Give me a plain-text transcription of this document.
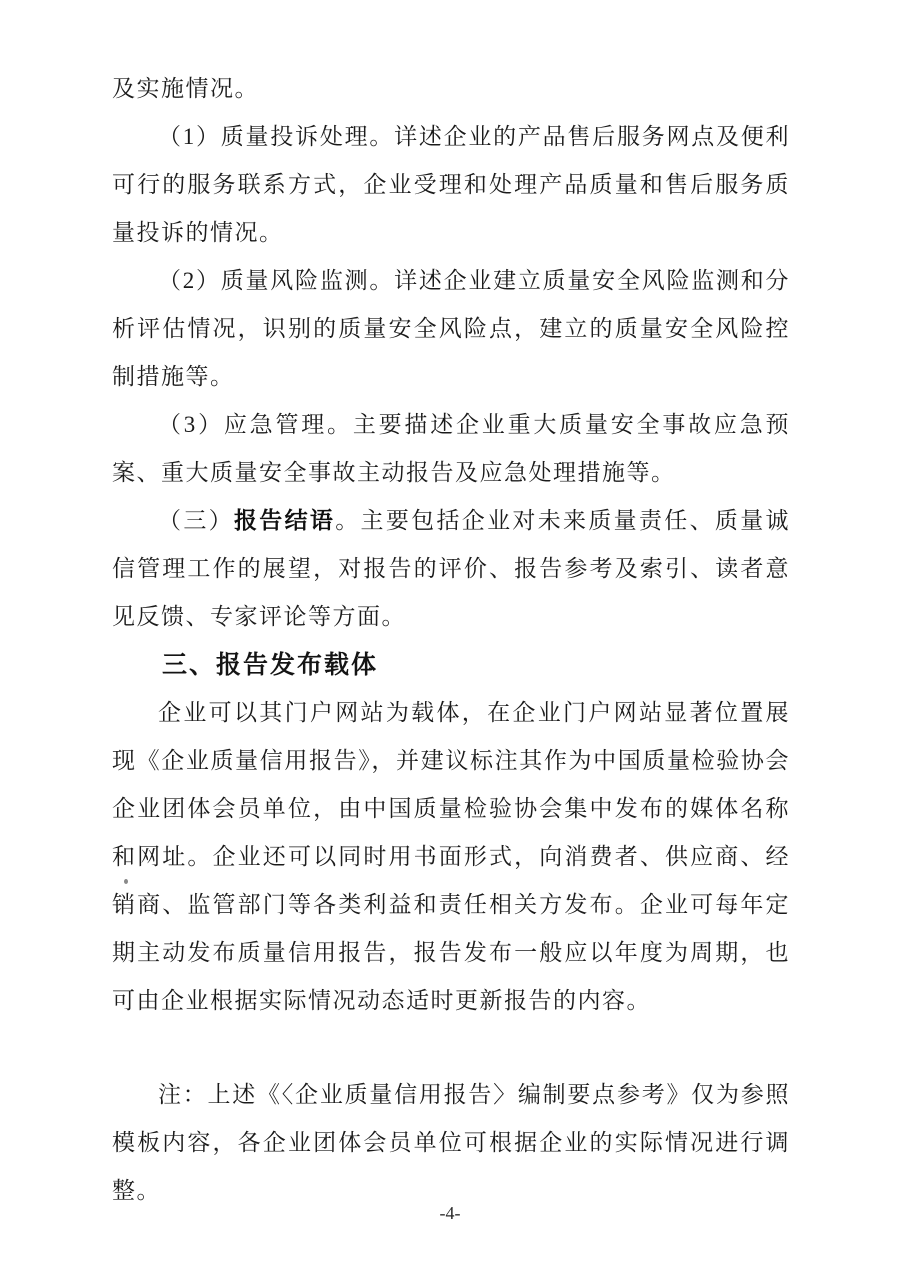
及实施情况。

（1）质量投诉处理。详述企业的产品售后服务网点及便利可行的服务联系方式，企业受理和处理产品质量和售后服务质量投诉的情况。

（2）质量风险监测。详述企业建立质量安全风险监测和分析评估情况，识别的质量安全风险点，建立的质量安全风险控制措施等。

（3）应急管理。主要描述企业重大质量安全事故应急预案、重大质量安全事故主动报告及应急处理措施等。

（三）报告结语。主要包括企业对未来质量责任、质量诚信管理工作的展望，对报告的评价、报告参考及索引、读者意见反馈、专家评论等方面。

三、报告发布载体

企业可以其门户网站为载体，在企业门户网站显著位置展现《企业质量信用报告》，并建议标注其作为中国质量检验协会企业团体会员单位，由中国质量检验协会集中发布的媒体名称和网址。企业还可以同时用书面形式，向消费者、供应商、经销商、监管部门等各类利益和责任相关方发布。企业可每年定期主动发布质量信用报告，报告发布一般应以年度为周期，也可由企业根据实际情况动态适时更新报告的内容。

注：上述《〈企业质量信用报告〉编制要点参考》仅为参照模板内容，各企业团体会员单位可根据企业的实际情况进行调整。

-4-
